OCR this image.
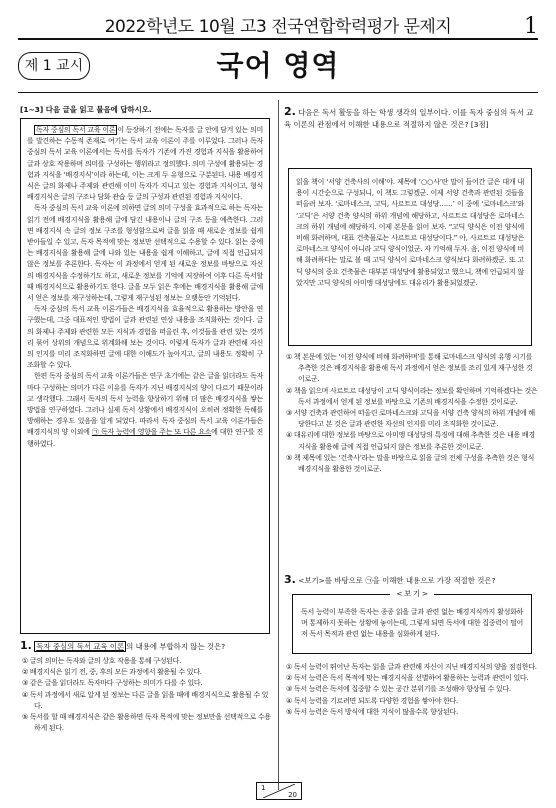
2022학년도 10월 고3 전국연합학력평가 문제지	1
제 1 교시	국어 영역
[1~3] 다음 글을 읽고 물음에 답하시오.

독자 중심의 독서 교육 이론 이 등장하기 전에는 독자를 글 안에 담겨 있는 의미를 발견하는 수동적 존재로 여기는 독서 교육 이론이 주를 이루었다. 그러나 독자 중심의 독서 교육 이론에서는 독서를 독자가 기존에 가진 경험과 지식을 활용하여 글과 상호 작용하며 의미를 구성하는 행위라고 정의했다. 의미 구성에 활용되는 경험과 지식을 ‘배경지식’이라 하는데, 이는 크게 두 유형으로 구분된다. 내용 배경지식은 글의 화제나 주제와 관련해 이미 독자가 지니고 있는 경험과 지식이고, 형식 배경지식은 글의 구조나 담화 관습 등 글의 구성과 관련된 경험과 지식이다.

독자 중심의 독서 교육 이론에 의하면 글의 의미 구성을 효과적으로 하는 독자는 읽기 전에 배경지식을 활용해 글에 담긴 내용이나 글의 구조 등을 예측한다. 그러면 배경지식 속 글의 정보 구조를 형성함으로써 글을 읽을 때 새로운 정보를 쉽게 받아들일 수 있고, 독자 목적에 맞는 정보만 선택적으로 수용할 수 있다. 읽는 중에는 배경지식을 활용해 글에 나와 있는 내용을 쉽게 이해하고, 글에 직접 언급되지 않은 정보를 추론한다. 독자는 이 과정에서 얻게 된 새로운 정보를 바탕으로 자신의 배경지식을 수정하기도 하고, 새로운 정보를 기억에 저장하여 이후 다른 독서할 때 배경지식으로 활용하기도 한다. 글을 모두 읽은 후에는 배경지식을 활용해 글에서 얻은 정보를 재구성하는데, 그렇게 재구성된 정보는 오랫동안 기억된다.

독자 중심의 독서 교육 이론가들은 배경지식을 효율적으로 활용하는 방안을 연구했는데, 그중 대표적인 방법이 글과 관련된 연상 내용을 조직화하는 것이다. 글의 화제나 주제와 관련한 모든 지식과 경험을 떠올린 후, 이것들을 관련 있는 것끼리 묶어 상위의 개념으로 위계화해 보는 것이다. 이렇게 독자가 글과 관련해 자신의 인지를 미리 조직화하면 글에 대한 이해도가 높아지고, 글의 내용도 정확히 구조화할 수 있다.

한편 독자 중심의 독서 교육 이론가들은 연구 초기에는 같은 글을 읽더라도 독자마다 구성하는 의미가 다른 이유를 독자가 지닌 배경지식의 양이 다르기 때문이라고 생각했다. 그래서 독자의 독서 능력을 향상하기 위해 더 많은 배경지식을 쌓는 방법을 연구하였다. 그러나 실제 독서 상황에서 배경지식이 오히려 정확한 독해를 방해하는 경우도 있음을 알게 되었다. 따라서 독자 중심의 독서 교육 이론가들은 배경지식의 양 이외에 ㉠ 독자 능력에 영향을 주는 또 다른 요소에 대한 연구를 진행하였다.

1. 독자 중심의 독서 교육 이론 의 내용에 부합하지 않는 것은?

① 글의 의미는 독자와 글의 상호 작용을 통해 구성된다.

② 배경지식은 읽기 전, 중, 후의 모든 과정에서 활용될 수 있다.

③ 같은 글을 읽더라도 독자마다 구성하는 의미가 다를 수 있다.

④ 독서 과정에서 새로 알게 된 정보는 다른 글을 읽을 때에 배경지식으로 활용될 수 있다.

⑤ 독서를 할 때 배경지식은 같은 활용하면 독자 목적에 맞는 정보만을 선택적으로 수용하게 된다.

2. 다음은 독서 활동을 하는 학생 생각의 일부이다. 이를 독자 중심의 독서 교육 이론의 관점에서 이해한 내용으로 적절하지 않은 것은? [3점]
읽을 책이 ‘서양 건축사의 이해’야. 제목에 ‘○○사’란 말이 들어간 글은 대개 내용이 시간순으로 구성되니, 이 책도 그렇겠군. 이제 서양 건축과 관련된 것들을 떠올려 보자. ‘로마네스크, 고딕, 사르트르 대성당……’ 이 중에 ‘로마네스크’와 ‘고딕’은 서양 건축 양식의 하위 개념에 해당하고, 사르트르 대성당은 로마네스크의 하위 개념에 해당하지. 이제 본문을 읽어 보자. “고딕 양식은 이전 양식에 비해 화려하며, 대표 건축물로는 사르트르 대성당이다.” 아, 사르트르 대성당은 로마네스크 양식이 아니라 고딕 양식이었군. 자 기억해 두자. 음, 이전 양식에 비해 화려하다는 말로 볼 때 고딕 양식이 로마네스크 양식보다 화려하겠군. 또 고딕 양식의 중요 건축물은 대부분 대성당에 활용되었고 했으니, 책에 언급되지 않았지만 고딕 양식의 아미앵 대성당에도 대유리가 활용되었겠군.

① 책 본문에 있는 ‘이전 양식에 비해 화려하며’를 통해 로마네스크 양식의 유행 시기를 추측한 것은 배경지식을 활용해 독서 과정에서 얻은 정보를 조리 있게 재구성한 것이로군.

② 책을 읽으며 사르트르 대성당이 고딕 양식이라는 정보를 확인하며 기억하겠다는 것은 독서 과정에서 얻게 된 정보를 바탕으로 기존의 배경지식을 수정한 것이로군.

③ 서양 건축과 관련하여 떠올린 로마네스크와 고딕을 서양 건축 양식의 하위 개념에 해당한다고 본 것은 글과 관련한 자신의 인지를 미리 조직화한 것이로군.

④ 대유리에 대한 정보를 바탕으로 아미앵 대성당의 특징에 대해 추측한 것은 내용 배경지식을 활용해 글에 직접 언급되지 않은 정보를 추론한 것이로군.

⑤ 책 제목에 있는 ‘건축사’라는 말을 바탕으로 읽을 글의 전체 구성을 추측한 것은 형식 배경지식을 활용한 것이로군.

3. <보기>를 바탕으로 ㉠을 이해한 내용으로 가장 적절한 것은?
< 보 기 >
독서 능력이 부족한 독자는 종종 읽을 글과 관련 없는 배경지식까지 활성화하며 통제하지 못하는 상황에 놓이는데, 그렇게 되면 독서에 대한 집중력이 떨어져 독서 목적과 관련 없는 내용을 심화하게 된다.

① 독서 능력이 뛰어난 독자는 읽을 글과 관련해 자신이 지닌 배경지식의 양을 점검한다.

② 독서 능력은 독서 목적에 맞는 배경지식을 선별하여 활용하는 능력과 관련이 있다.

③ 독서 능력은 독서에 집중할 수 있는 공간 분위기를 조성해야 향상될 수 있다.

④ 독서 능력을 기르려면 되도록 다양한 경험을 쌓아야 한다.

⑤ 독서 능력은 독서 방식에 대한 지식이 많을수록 향상된다.

1
20
